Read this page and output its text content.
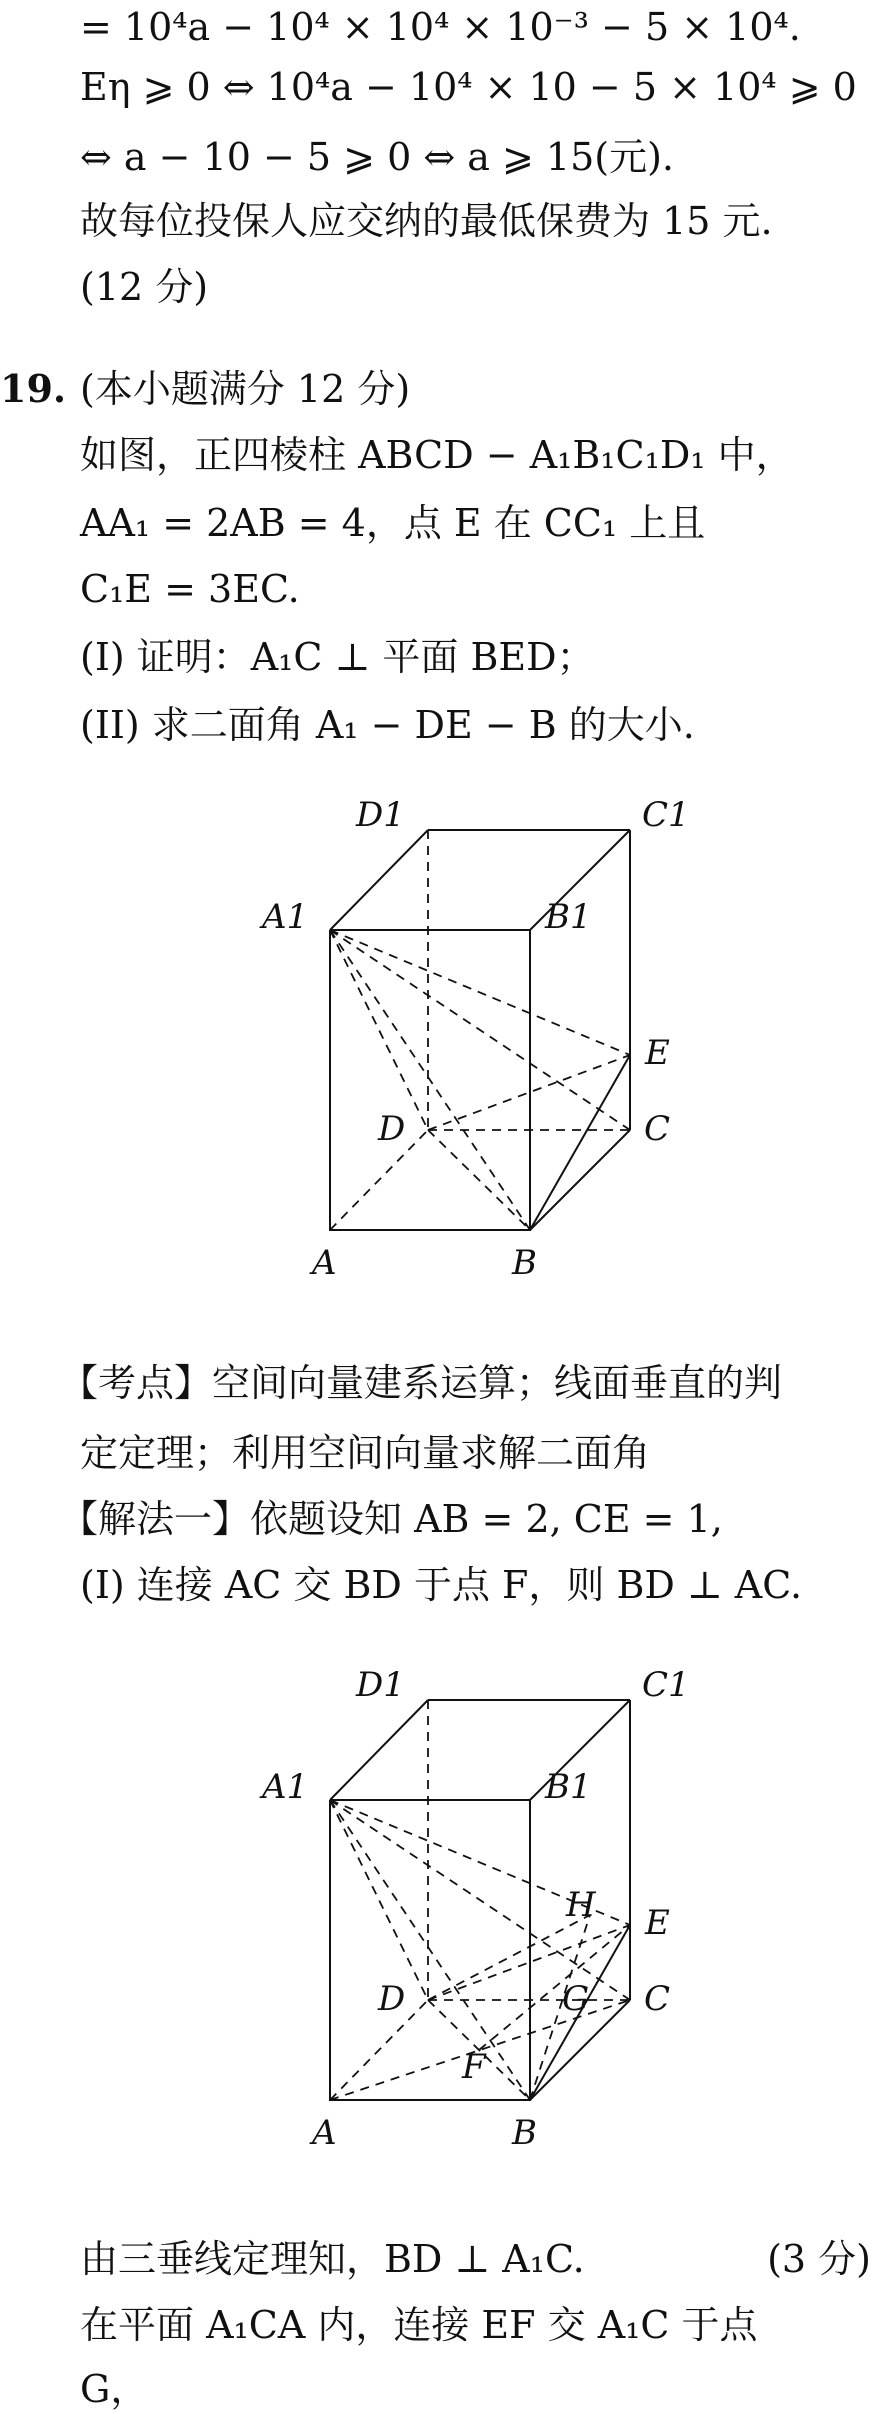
= 10⁴a − 10⁴ × 10⁴ × 10⁻³ − 5 × 10⁴.
Eη ⩾ 0 ⇔ 10⁴a − 10⁴ × 10 − 5 × 10⁴ ⩾ 0
⇔ a − 10 − 5 ⩾ 0 ⇔ a ⩾ 15(元).
故每位投保人应交纳的最低保费为 15 元.
(12 分)
19. (本小题满分 12 分)
如图，正四棱柱 ABCD − A₁B₁C₁D₁ 中，
AA₁ = 2AB = 4，点 E 在 CC₁ 上且
C₁E = 3EC.
(I) 证明：A₁C ⊥ 平面 BED；
(II) 求二面角 A₁ − DE − B 的大小.
D1	C1
A1	B1
E
D	C
A	B
【考点】空间向量建系运算；线面垂直的判
定定理；利用空间向量求解二面角
【解法一】依题设知 AB = 2, CE = 1,
(I) 连接 AC 交 BD 于点 F，则 BD ⊥ AC.
D1	C1
A1	B1
H E
D	G C
F
A	B
由三垂线定理知，BD ⊥ A₁C.	(3 分)
在平面 A₁CA 内，连接 EF 交 A₁C 于点
G，
